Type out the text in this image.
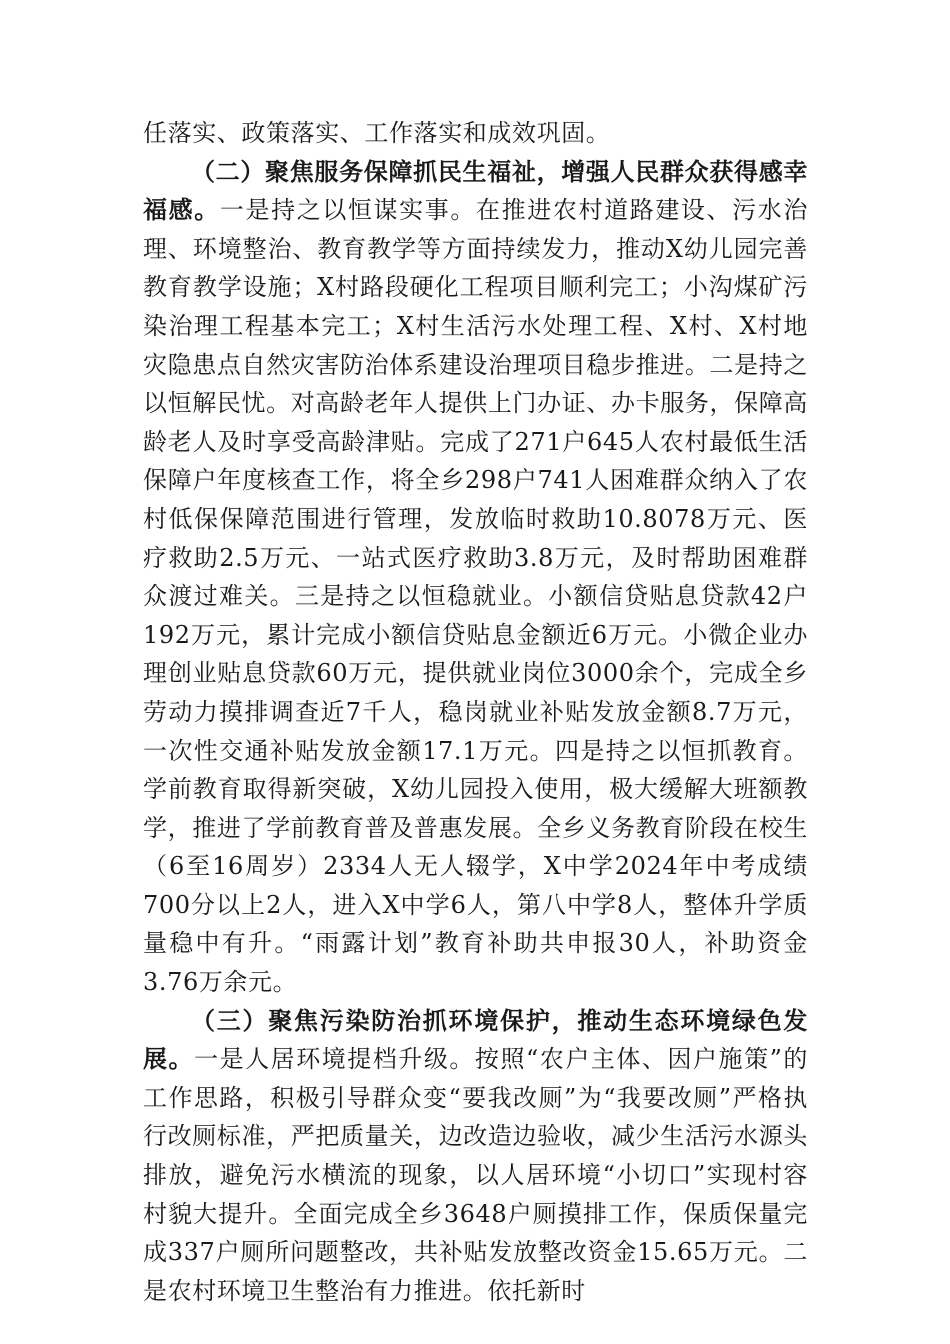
任落实、政策落实、工作落实和成效巩固。

（二）聚焦服务保障抓民生福祉，增强人民群众获得感幸福感。一是持之以恒谋实事。在推进农村道路建设、污水治理、环境整治、教育教学等方面持续发力，推动X幼儿园完善教育教学设施；X村路段硬化工程项目顺利完工；小沟煤矿污染治理工程基本完工；X村生活污水处理工程、X村、X村地灾隐患点自然灾害防治体系建设治理项目稳步推进。二是持之以恒解民忧。对高龄老年人提供上门办证、办卡服务，保障高龄老人及时享受高龄津贴。完成了271户645人农村最低生活保障户年度核查工作，将全乡298户741人困难群众纳入了农村低保保障范围进行管理，发放临时救助10.8078万元、医疗救助2.5万元、一站式医疗救助3.8万元，及时帮助困难群众渡过难关。三是持之以恒稳就业。小额信贷贴息贷款42户192万元，累计完成小额信贷贴息金额近6万元。小微企业办理创业贴息贷款60万元，提供就业岗位3000余个，完成全乡劳动力摸排调查近7千人，稳岗就业补贴发放金额8.7万元，一次性交通补贴发放金额17.1万元。四是持之以恒抓教育。学前教育取得新突破，X幼儿园投入使用，极大缓解大班额教学，推进了学前教育普及普惠发展。全乡义务教育阶段在校生（6至16周岁）2334人无人辍学，X中学2024年中考成绩700分以上2人，进入X中学6人，第八中学8人，整体升学质量稳中有升。“雨露计划”教育补助共申报30人，补助资金3.76万余元。

（三）聚焦污染防治抓环境保护，推动生态环境绿色发展。一是人居环境提档升级。按照“农户主体、因户施策”的工作思路，积极引导群众变“要我改厕”为“我要改厕”严格执行改厕标准，严把质量关，边改造边验收，减少生活污水源头排放，避免污水横流的现象，以人居环境“小切口”实现村容村貌大提升。全面完成全乡3648户厕摸排工作，保质保量完成337户厕所问题整改，共补贴发放整改资金15.65万元。二是农村环境卫生整治有力推进。依托新时
